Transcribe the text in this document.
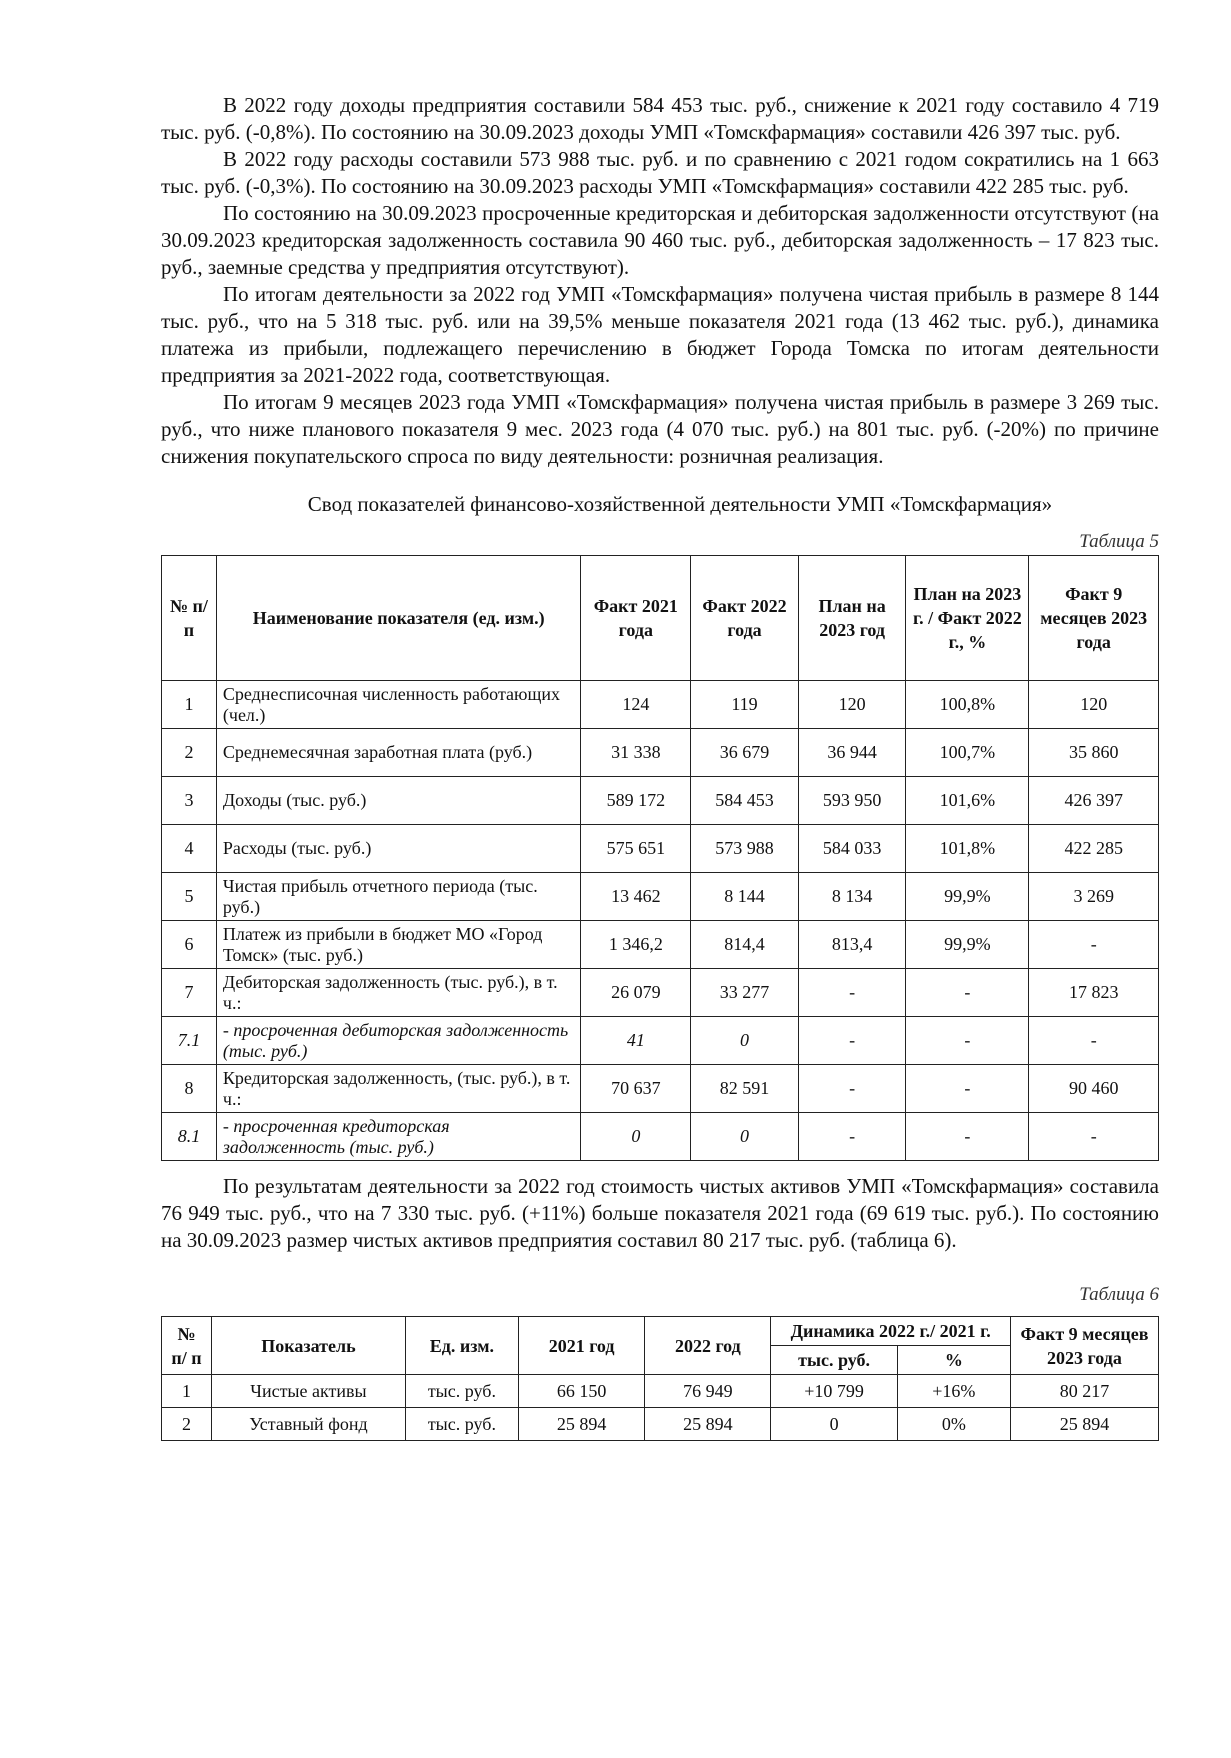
В 2022 году доходы предприятия составили 584 453 тыс. руб., снижение к 2021 году составило 4 719 тыс. руб. (-0,8%). По состоянию на 30.09.2023 доходы УМП «Томскфармация» составили 426 397 тыс. руб.

В 2022 году расходы составили 573 988 тыс. руб. и по сравнению с 2021 годом сократились на 1 663 тыс. руб. (-0,3%). По состоянию на 30.09.2023 расходы УМП «Томскфармация» составили 422 285 тыс. руб.

По состоянию на 30.09.2023 просроченные кредиторская и дебиторская задолженности отсутствуют (на 30.09.2023 кредиторская задолженность составила 90 460 тыс. руб., дебиторская задолженность – 17 823 тыс. руб., заемные средства у предприятия отсутствуют).

По итогам деятельности за 2022 год УМП «Томскфармация» получена чистая прибыль в размере 8 144 тыс. руб., что на 5 318 тыс. руб. или на 39,5% меньше показателя 2021 года (13 462 тыс. руб.), динамика платежа из прибыли, подлежащего перечислению в бюджет Города Томска по итогам деятельности предприятия за 2021-2022 года, соответствующая.

По итогам 9 месяцев 2023 года УМП «Томскфармация» получена чистая прибыль в размере 3 269 тыс. руб., что ниже планового показателя 9 мес. 2023 года (4 070 тыс. руб.) на 801 тыс. руб. (-20%) по причине снижения покупательского спроса по виду деятельности: розничная реализация.

Свод показателей финансово-хозяйственной деятельности УМП «Томскфармация»
Таблица 5
№ п/п	Наименование показателя (ед. изм.)	Факт 2021 года	Факт 2022 года	План на 2023 год	План на 2023 г. / Факт 2022 г., %	Факт 9 месяцев 2023 года
1	Среднесписочная численность работающих (чел.)	124	119	120	100,8%	120
2	Среднемесячная заработная плата (руб.)	31 338	36 679	36 944	100,7%	35 860
3	Доходы (тыс. руб.)	589 172	584 453	593 950	101,6%	426 397
4	Расходы (тыс. руб.)	575 651	573 988	584 033	101,8%	422 285
5	Чистая прибыль отчетного периода (тыс. руб.)	13 462	8 144	8 134	99,9%	3 269
6	Платеж из прибыли в бюджет МО «Город Томск» (тыс. руб.)	1 346,2	814,4	813,4	99,9%	-
7	Дебиторская задолженность (тыс. руб.), в т. ч.:	26 079	33 277	-	-	17 823
7.1	- просроченная дебиторская задолженность (тыс. руб.)	41	0	-	-	-
8	Кредиторская задолженность, (тыс. руб.), в т. ч.:	70 637	82 591	-	-	90 460
8.1	- просроченная кредиторская задолженность (тыс. руб.)	0	0	-	-	-

По результатам деятельности за 2022 год стоимость чистых активов УМП «Томскфармация» составила 76 949 тыс. руб., что на 7 330 тыс. руб. (+11%) больше показателя 2021 года (69 619 тыс. руб.). По состоянию на 30.09.2023 размер чистых активов предприятия составил 80 217 тыс. руб. (таблица 6).

Таблица 6
№ п/ п	Показатель	Ед. изм.	2021 год	2022 год	Динамика 2022 г./ 2021 г.		Факт 9 месяцев 2023 года
					тыс. руб.	%	
1	Чистые активы	тыс. руб.	66 150	76 949	+10 799	+16%	80 217
2	Уставный фонд	тыс. руб.	25 894	25 894	0	0%	25 894
